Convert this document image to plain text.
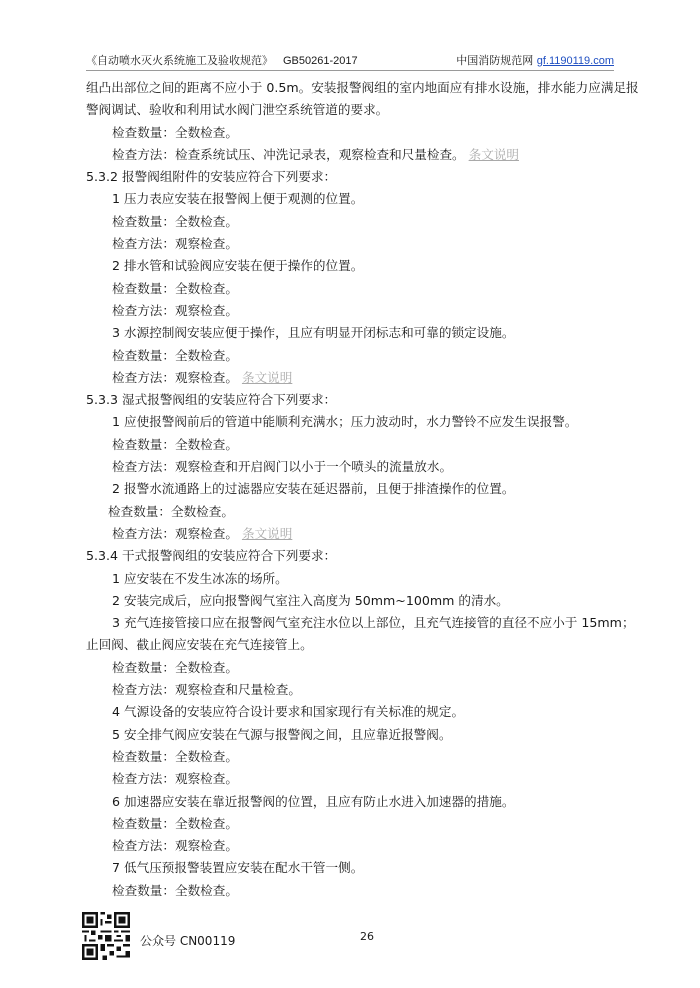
《自动喷水灭火系统施工及验收规范》 GB50261-2017	中国消防规范网 gf.1190119.com
组凸出部位之间的距离不应小于 0.5m。安装报警阀组的室内地面应有排水设施，排水能力应满足报
警阀调试、验收和利用试水阀门泄空系统管道的要求。
检查数量：全数检查。
检查方法：检查系统试压、冲洗记录表，观察检查和尺量检查。 条文说明
5.3.2 报警阀组附件的安装应符合下列要求：
1 压力表应安装在报警阀上便于观测的位置。
检查数量：全数检查。
检查方法：观察检查。
2 排水管和试验阀应安装在便于操作的位置。
检查数量：全数检查。
检查方法：观察检查。
3 水源控制阀安装应便于操作，且应有明显开闭标志和可靠的锁定设施。
检查数量：全数检查。
检查方法：观察检查。 条文说明
5.3.3 湿式报警阀组的安装应符合下列要求：
1 应使报警阀前后的管道中能顺利充满水；压力波动时，水力警铃不应发生误报警。
检查数量：全数检查。
检查方法：观察检查和开启阀门以小于一个喷头的流量放水。
2 报警水流通路上的过滤器应安装在延迟器前，且便于排渣操作的位置。
检查数量：全数检查。
检查方法：观察检查。 条文说明
5.3.4 干式报警阀组的安装应符合下列要求：
1 应安装在不发生冰冻的场所。
2 安装完成后，应向报警阀气室注入高度为 50mm~100mm 的清水。
3 充气连接管接口应在报警阀气室充注水位以上部位，且充气连接管的直径不应小于 15mm；
止回阀、截止阀应安装在充气连接管上。
检查数量：全数检查。
检查方法：观察检查和尺量检查。
4 气源设备的安装应符合设计要求和国家现行有关标准的规定。
5 安全排气阀应安装在气源与报警阀之间，且应靠近报警阀。
检查数量：全数检查。
检查方法：观察检查。
6 加速器应安装在靠近报警阀的位置，且应有防止水进入加速器的措施。
检查数量：全数检查。
检查方法：观察检查。
7 低气压预报警装置应安装在配水干管一侧。
检查数量：全数检查。
公众号 CN00119	26
